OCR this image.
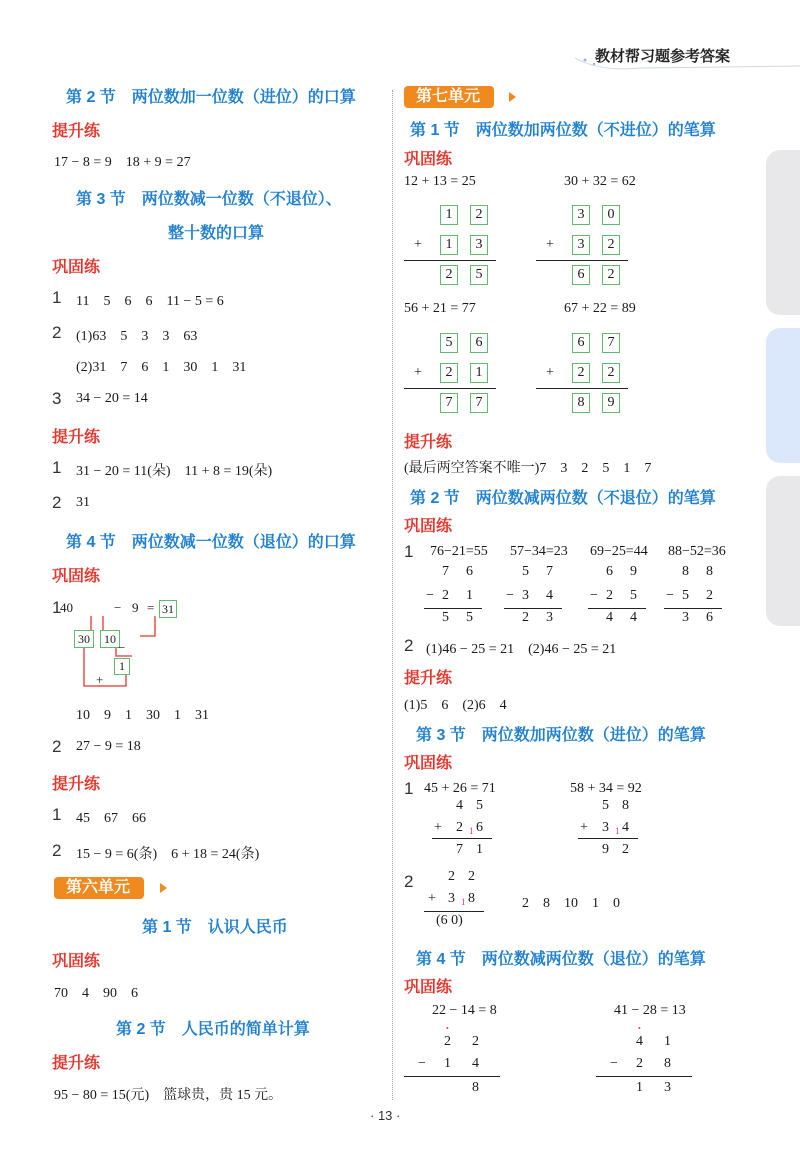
教材帮习题参考答案
第 2 节　两位数加一位数（进位）的口算
提升练
17 − 8 = 9　18 + 9 = 27
第 3 节　两位数减一位数（不退位）、
整十数的口算
巩固练
1 11　5　6　6　11 − 5 = 6
2 (1)63　5　3　3　63
(2)31　7　6　1　30　1　31
3 34 − 20 = 14
提升练
1 31 − 20 = 11(朵)　11 + 8 = 19(朵)
2 31
第 4 节　两位数减一位数（退位）的口算
巩固练
1
40	− 9 = 31
30	10
−
1
+
10　9　1　30　1　31
2 27 − 9 = 18
提升练
1 45　67　66
2 15 − 9 = 6(条)　6 + 18 = 24(条)
第六单元
第 1 节　认识人民币
巩固练
70　4　90　6
第 2 节　人民币的简单计算
提升练
95 − 80 = 15(元)　篮球贵，贵 15 元。
第七单元
第 1 节　两位数加两位数（不进位）的笔算
巩固练
12 + 13 = 25	30 + 32 = 62
1	2
+	1	3
2	5
3	0
+	3	2
6	2
56 + 21 = 77	67 + 22 = 89
5	6
+	2	1
7	7
6	7
+	2	2
8	9
提升练
(最后两空答案不唯一)7　3　2　5　1　7
第 2 节　两位数减两位数（不退位）的笔算
巩固练
1 76−21=55 57−34=23 69−25=44 88−52=36
7 6
− 2 1
5 5
5 7
− 3 4
2 3
6 9
− 2 5
4 4
8 8
− 5 2
3 6
2 (1)46 − 25 = 21　(2)46 − 25 = 21
提升练
(1)5　6　(2)6　4
第 3 节　两位数加两位数（进位）的笔算
巩固练
1 45 + 26 = 71	58 + 34 = 92
4 5
+ 2 1 6
7 1
5 8
+ 3 1 4
9 2
2 2 2
+ 3 1 8
(6 0)
2　8　10　1　0
第 4 节　两位数减两位数（退位）的笔算
巩固练
22 − 14 = 8	41 − 28 = 13
•
2 2
− 1 4
8
•
4 1
− 2 8
1 3
· 13 ·
